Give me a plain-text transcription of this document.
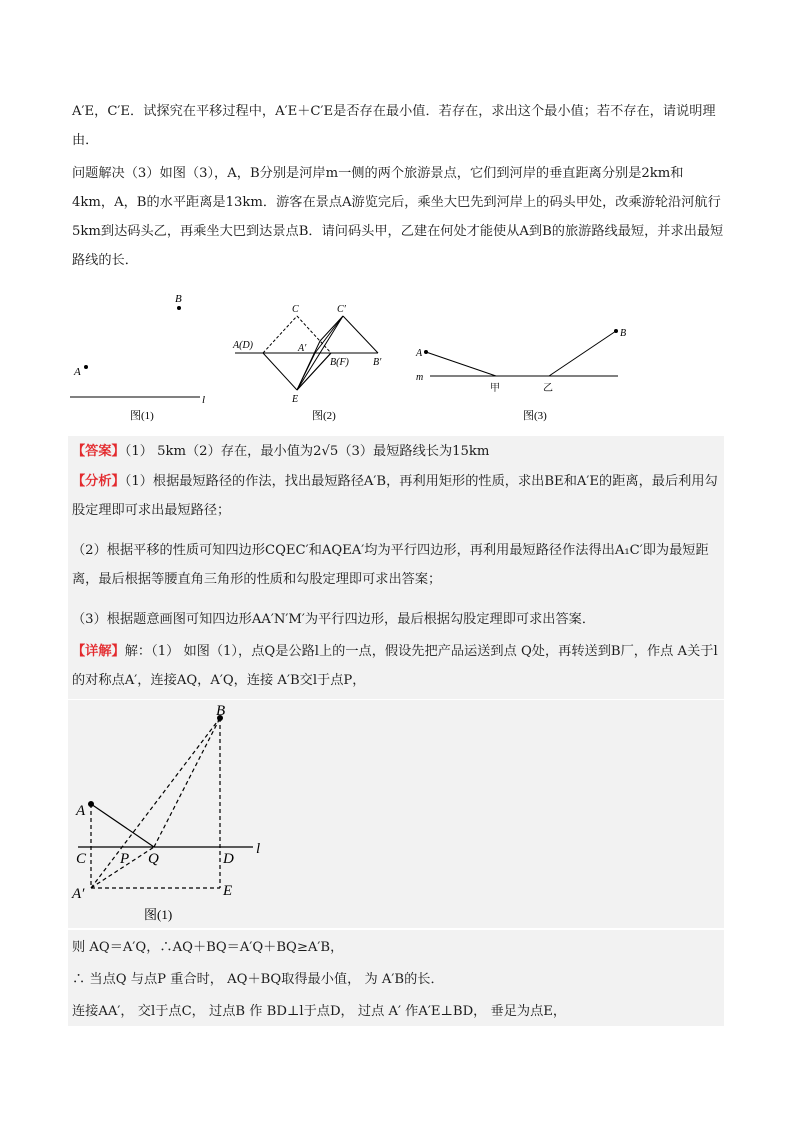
A′E，C′E．试探究在平移过程中，A′E＋C′E是否存在最小值．若存在，求出这个最小值；若不存在，请说明理由．

问题解决（3）如图（3），A，B分别是河岸m一侧的两个旅游景点，它们到河岸的垂直距离分别是2km和4km，A，B的水平距离是13km．游客在景点A游览完后，乘坐大巴先到河岸上的码头甲处，改乘游轮沿河航行5km到达码头乙，再乘坐大巴到达景点B．请问码头甲，乙建在何处才能使从A到B的旅游路线最短，并求出最短路线的长．

B
A
l
图(1)
C	C′
A(D)	A′
B(F) B′
E
图(2)
A
B
m
甲	乙
图(3)

【答案】（1） 5km（2）存在，最小值为2√5（3）最短路线长为15km

【分析】（1）根据最短路径的作法，找出最短路径A′B，再利用矩形的性质，求出BE和A′E的距离，最后利用勾股定理即可求出最短路径；

（2）根据平移的性质可知四边形CQEC′和AQEA′均为平行四边形，再利用最短路径作法得出A₁C′即为最短距离，最后根据等腰直角三角形的性质和勾股定理即可求出答案；

（3）根据题意画图可知四边形AA′N′M′为平行四边形，最后根据勾股定理即可求出答案．

【详解】解：（1） 如图（1），点Q是公路l上的一点，假设先把产品运送到点 Q处，再转送到B厂，作点 A关于l 的对称点A′，连接AQ，A′Q，连接 A′B交l于点P，

B
A
l
C P Q	D
A′	E
图(1)

则 AQ＝A′Q，∴AQ＋BQ＝A′Q＋BQ≥A′B，

∴ 当点Q 与点P 重合时， AQ＋BQ取得最小值， 为 A′B的长．

连接AA′， 交l于点C， 过点B 作 BD⊥l于点D， 过点 A′ 作A′E⊥BD， 垂足为点E，
